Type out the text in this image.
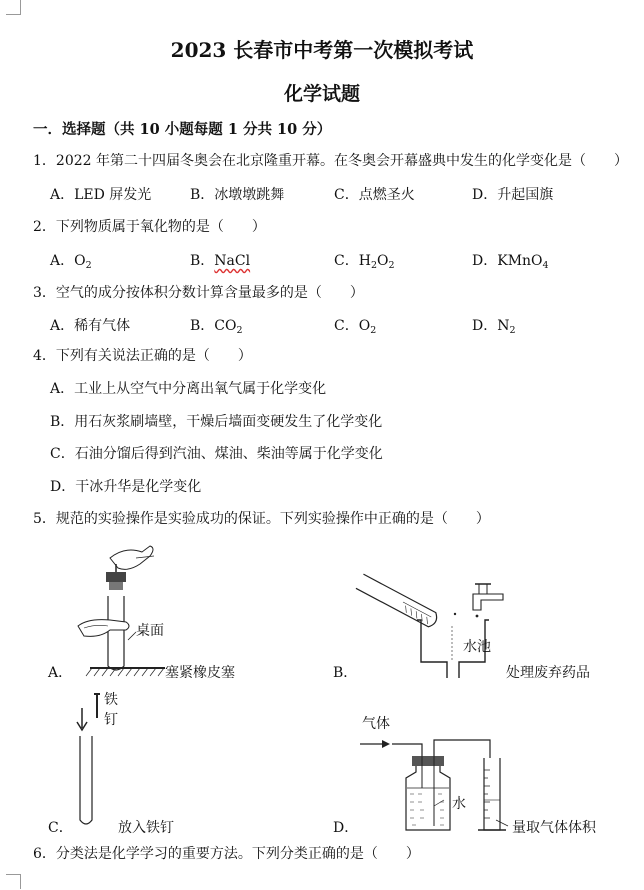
2023 长春市中考第一次模拟考试
化学试题
一．选择题（共 10 小题每题 1 分共 10 分）
1．2022 年第二十四届冬奥会在北京隆重开幕。在冬奥会开幕盛典中发生的化学变化是（　　）
A．LED 屏发光	B．冰墩墩跳舞	C．点燃圣火	D．升起国旗
2．下列物质属于氧化物的是（　　）
A．$O_2$	B．NaCl	C．$H_2O_2$	D．KMnO$_4$
3．空气的成分按体积分数计算含量最多的是（　　）
A．稀有气体	B．$CO_2$	C．$O_2$	D．$N_2$
4．下列有关说法正确的是（　　）
A．工业上从空气中分离出氧气属于化学变化
B．用石灰浆刷墙壁，干燥后墙面变硬发生了化学变化
C．石油分馏后得到汽油、煤油、柴油等属于化学变化
D．干冰升华是化学变化
5．规范的实验操作是实验成功的保证。下列实验操作中正确的是（　　）
A．
桌面
塞紧橡皮塞	B．
水池
处理废弃药品
C．
铁
钉
放入铁钉	D．
气体
水
量取气体体积
6．分类法是化学学习的重要方法。下列分类正确的是（　　）
